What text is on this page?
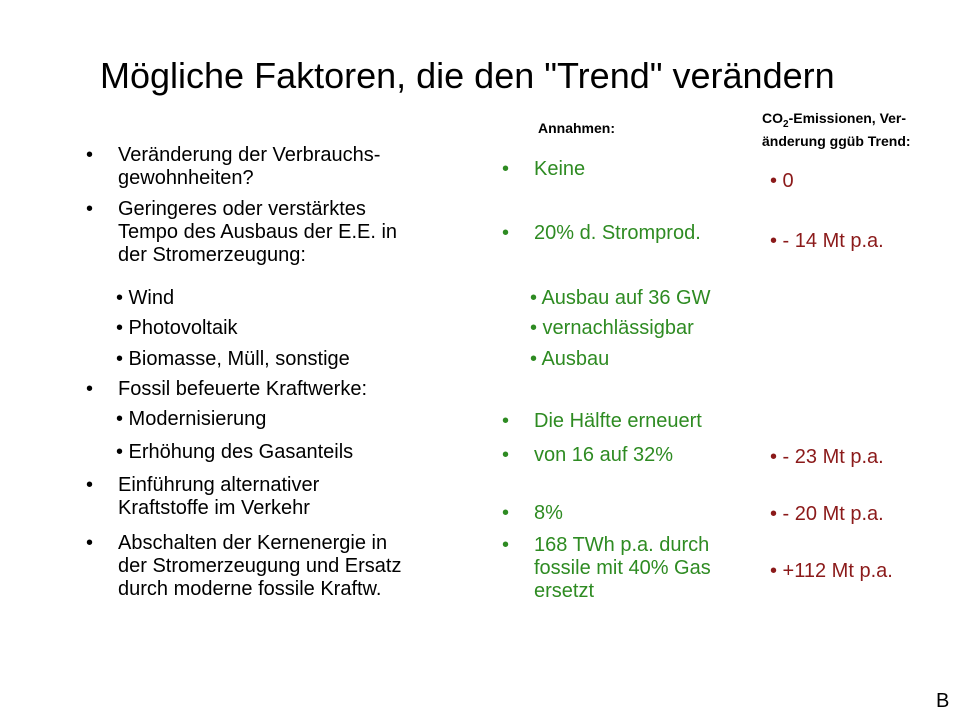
Mögliche Faktoren, die den "Trend" verändern
• Veränderung der Verbrauchs-
gewohnheiten?
• Geringeres oder verstärktes
Tempo des Ausbaus der E.E. in
der Stromerzeugung:
• Wind
• Photovoltaik
• Biomasse, Müll, sonstige
• Fossil befeuerte Kraftwerke:
• Modernisierung
• Erhöhung des Gasanteils
• Einführung alternativer
Kraftstoffe im Verkehr
• Abschalten der Kernenergie in
der Stromerzeugung und Ersatz
durch moderne fossile Kraftw.
Annahmen:
$CO_2$-Emissionen, Ver-
änderung ggüb Trend:
• Keine
• 20% d. Stromprod.
• Ausbau auf 36 GW
• vernachlässigbar
• Ausbau
• Die Hälfte erneuert
• von 16 auf 32%
• 8%
• 168 TWh p.a. durch
fossile mit 40% Gas
ersetzt
• 0
• - 14 Mt p.a.
• - 23 Mt p.a.
• - 20 Mt p.a.
• +112 Mt p.a.
B
